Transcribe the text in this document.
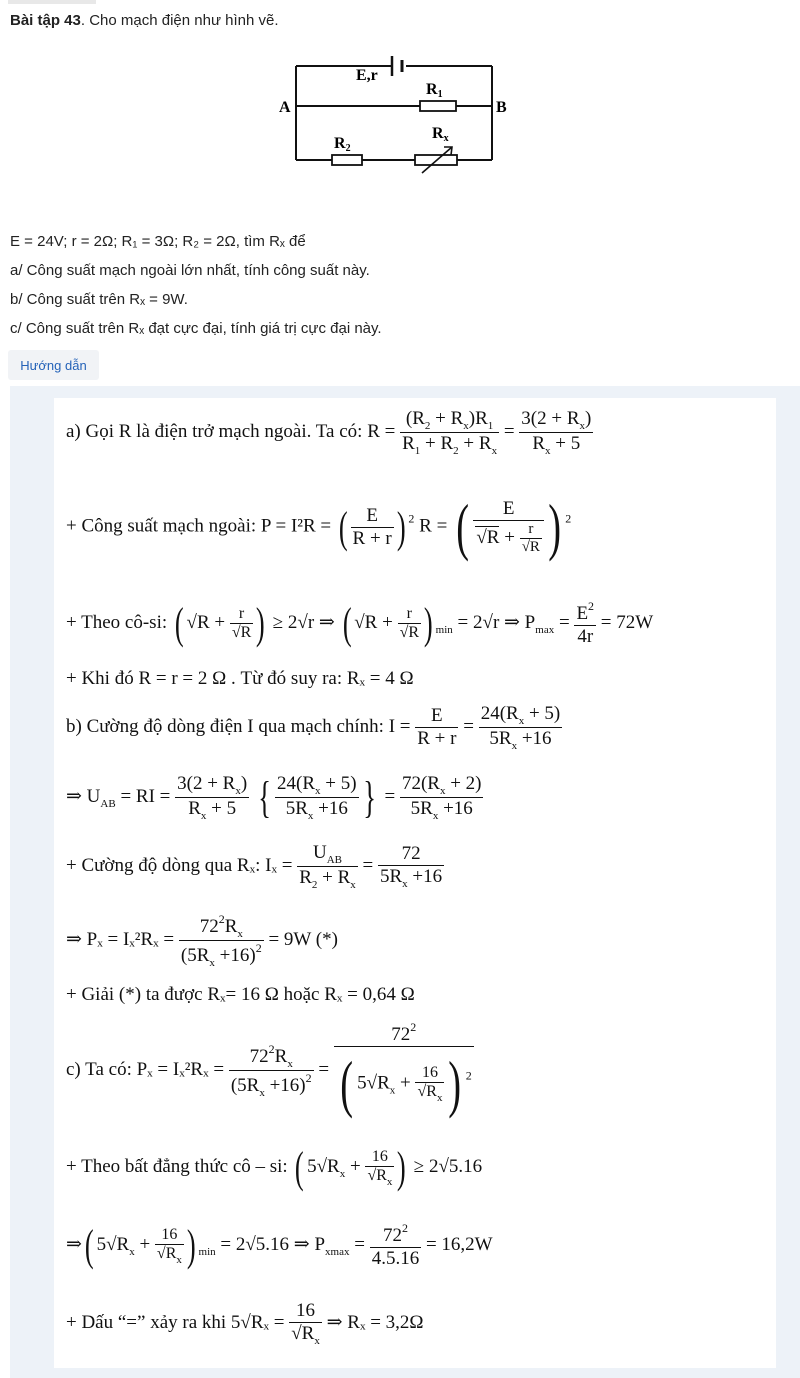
Bài tập 43. Cho mạch điện như hình vẽ.
E,r
R1
R2
Rx
A	B
E = 24V; r = 2Ω; R₁ = 3Ω; R₂ = 2Ω, tìm Rₓ để
a/ Công suất mạch ngoài lớn nhất, tính công suất này.
b/ Công suất trên Rₓ = 9W.
c/ Công suất trên Rₓ đạt cực đại, tính giá trị cực đại này.
Hướng dẫn
a) Gọi R là điện trở mạch ngoài. Ta có: $R = \frac{(R_2 + R_x)R_1}{R_1 + R_2 + R_x} = \frac{3(2 + R_x)}{R_x + 5}$
+ Công suất mạch ngoài: P = I²R = ( $\frac{E}{R + r}$ ) $^2$ R = ( $\frac{E}{√R + \frac{r}{√R}}$ ) $^2$
+ Theo cô-si: ( $√R + \frac{r}{√R}$ ) ≥ 2√r ⇒ ( $√R + \frac{r}{√R}$ ) $_{min}$ = 2√r ⇒ $P_{max} = \frac{E^2}{4r} = 72W$
+ Khi đó R = r = 2 Ω . Từ đó suy ra: Rₓ = 4 Ω
b) Cường độ dòng điện I qua mạch chính: $I = \frac{E}{R + r} = \frac{24(R_x + 5)}{5R_x +16}$
⇒ $U_{AB}$ = RI = $\frac{3(2 + R_x)}{R_x + 5}$ { $\frac{24(R_x + 5)}{5R_x +16}$ } = $\frac{72(R_x + 2)}{5R_x +16}$
+ Cường độ dòng qua Rₓ: Iₓ =
$U_{AB}$
$R_2 + R_x$
= $\frac{72}{5R_x +16}$
⇒ $P_x = I_x^2R_x = \frac{72^2R_x}{(5R_x +16)^2} = 9W$ (*)
+ Giải (*) ta được Rₓ= 16 Ω hoặc Rₓ = 0,64 Ω
c) Ta có: $P_x = I_x^2R_x = \frac{72^2R_x}{(5R_x +16)^2} = \frac{72^2}{( 5√R_x + \frac{16}{√R_x} ) ^2}$
+ Theo bất đẳng thức cô – si: ( $5√R_x + \frac{16}{√R_x}$ ) ≥ 2√5.16
⇒( $5√R_x + \frac{16}{√R_x}$ ) $_{min}$ = 2√5.16 ⇒ $P_{xmax} = \frac{72^2}{4.5.16} = 16,2W$
+ Dấu “=” xảy ra khi $5√R_x = \frac{16}{√R_x}$ ⇒ Rₓ = 3,2Ω
